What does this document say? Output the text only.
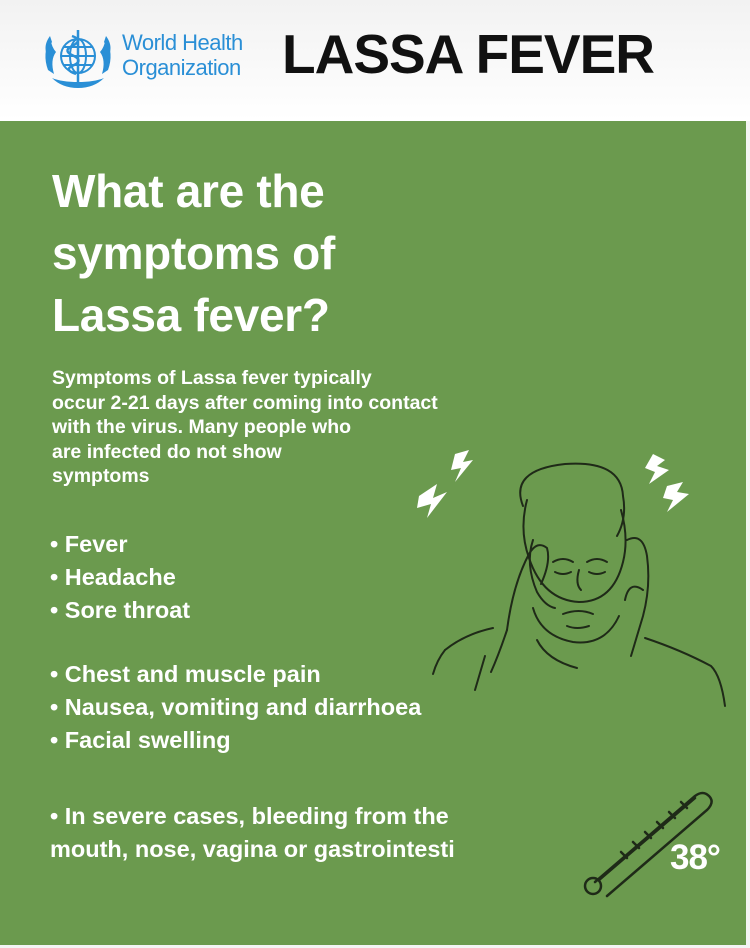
World Health
Organization LASSA FEVER
What are the
symptoms of
Lassa fever?
Symptoms of Lassa fever typically
occur 2-21 days after coming into contact
with the virus. Many people who
are infected do not show
symptoms
• Fever
• Headache
• Sore throat
• Chest and muscle pain
• Nausea, vomiting and diarrhoea
• Facial swelling
• In severe cases, bleeding from the
mouth, nose, vagina or gastrointesti	38°
